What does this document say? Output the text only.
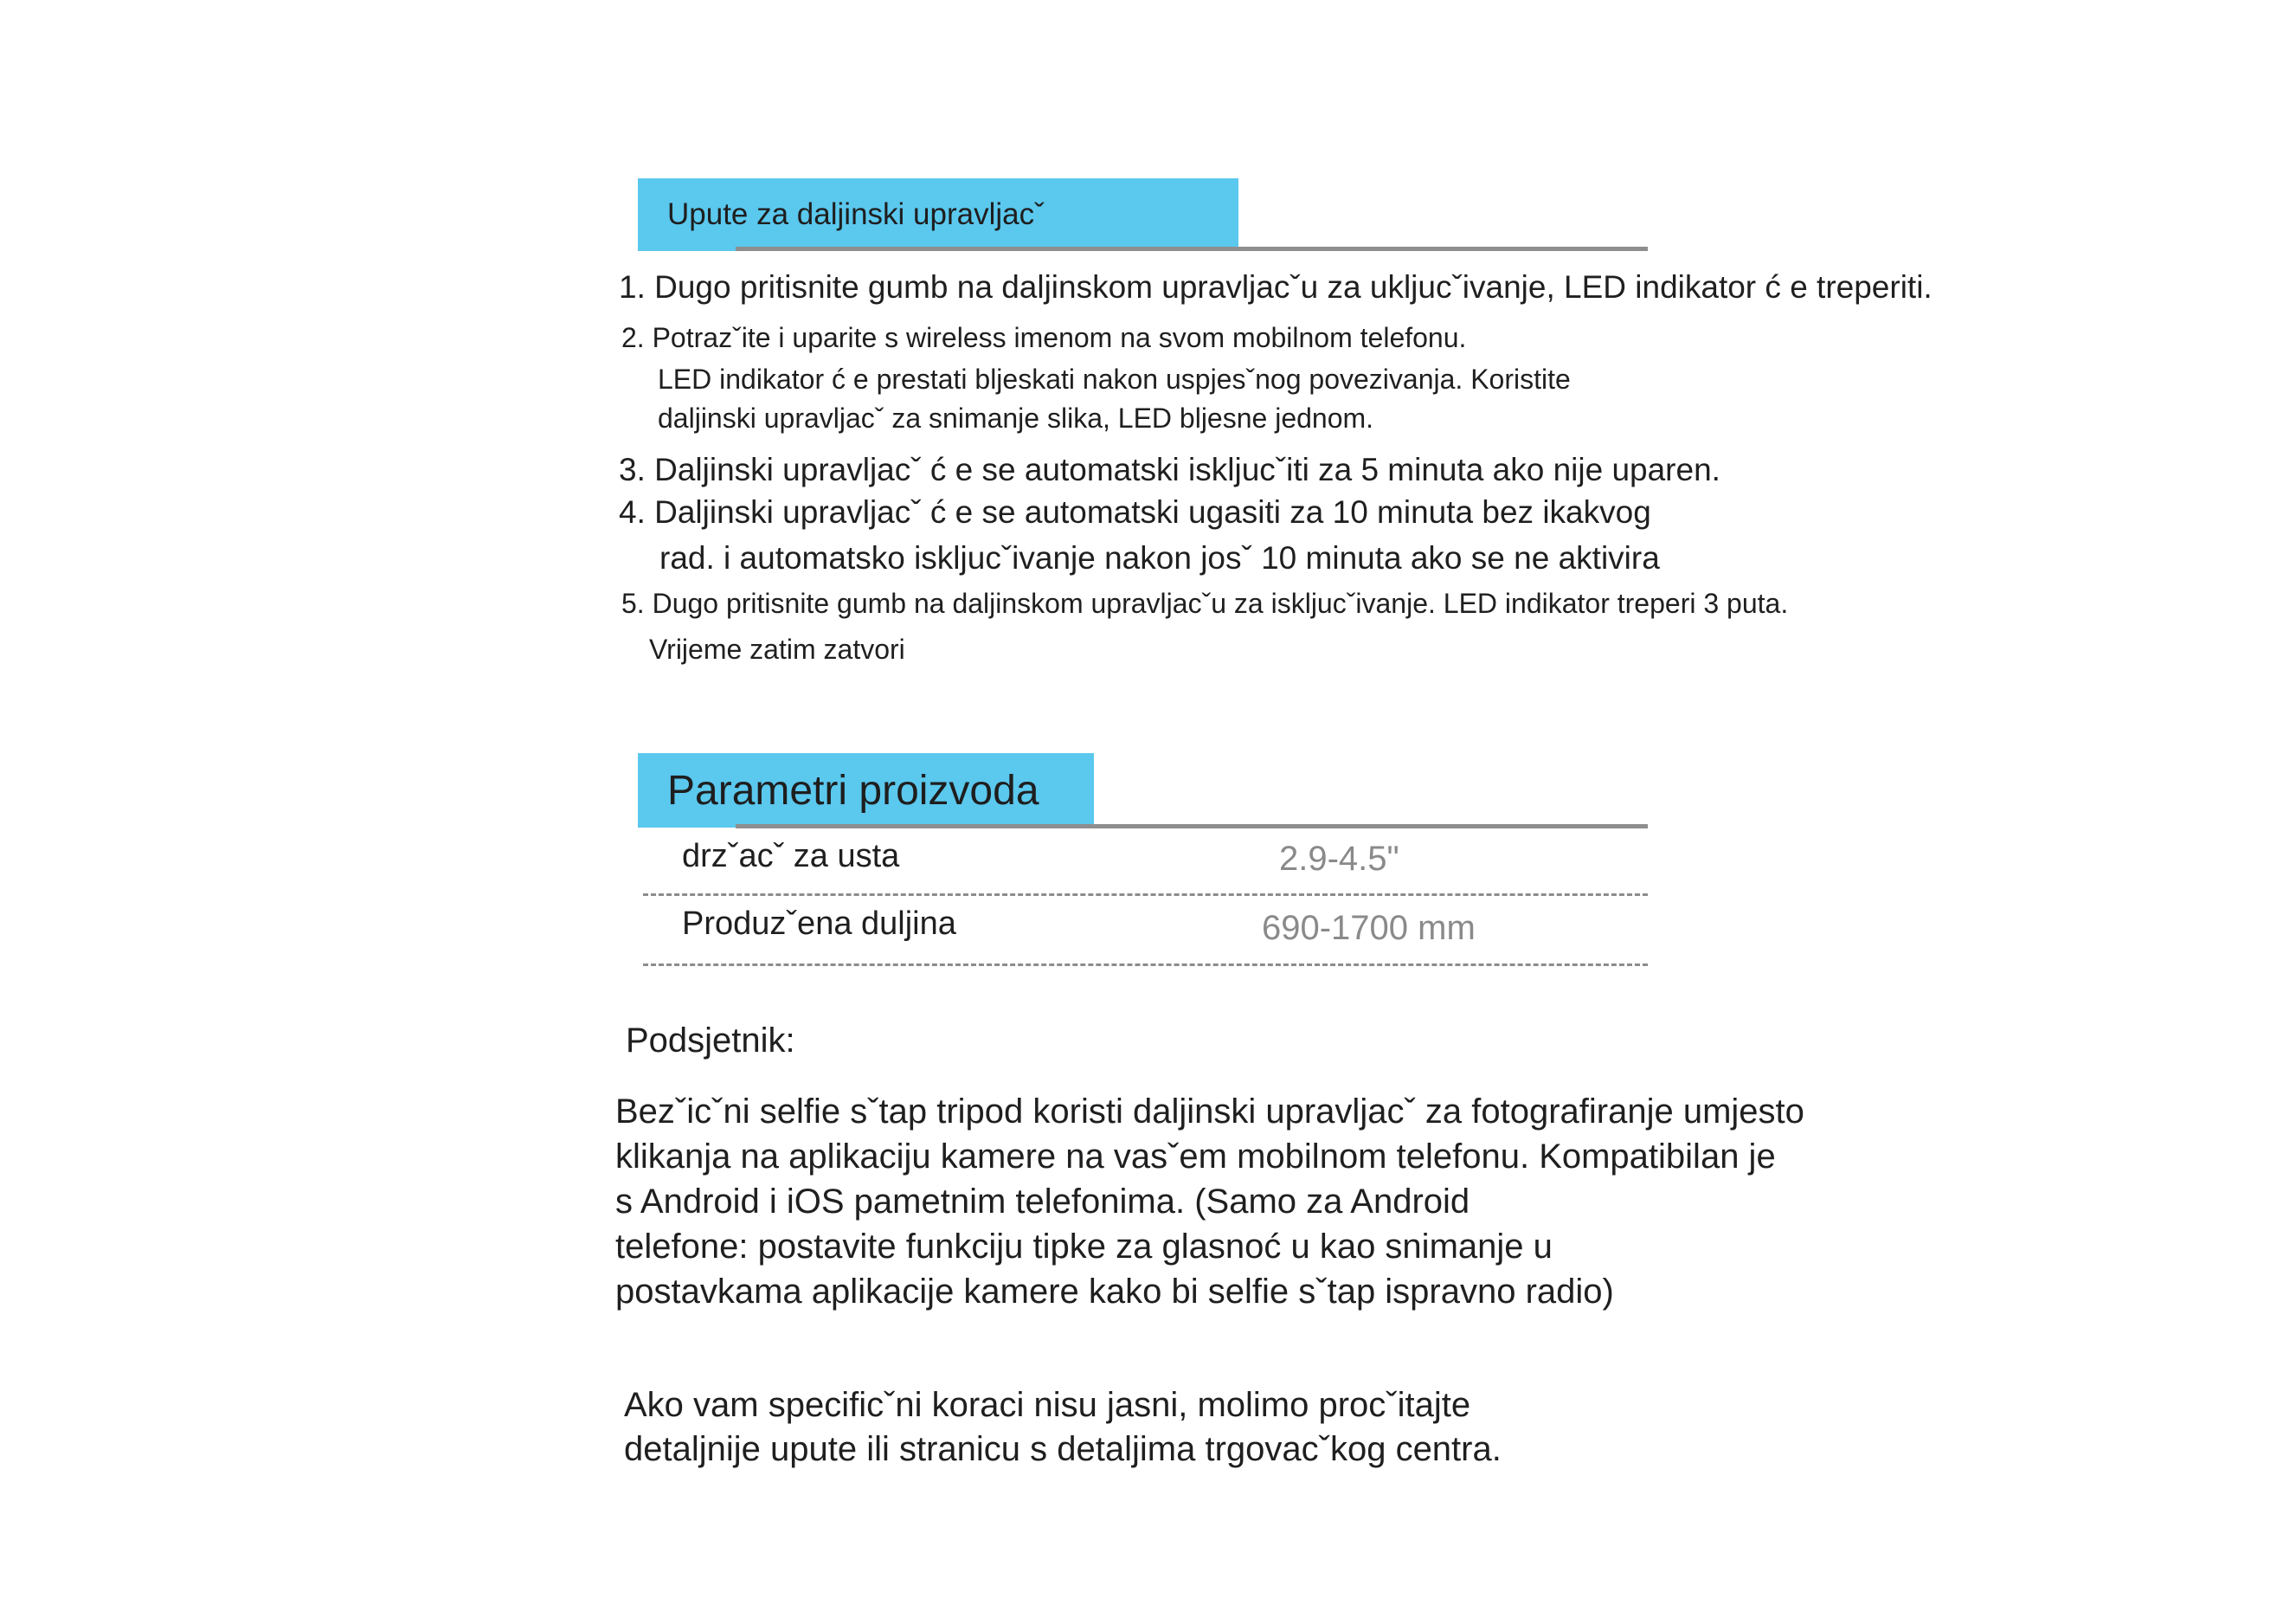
Upute za daljinski upravljacˇ
1. Dugo pritisnite gumb na daljinskom upravljacˇu za ukljucˇivanje, LED indikator ć e treperiti.
2. Potrazˇite i uparite s wireless imenom na svom mobilnom telefonu.
LED indikator ć e prestati bljeskati nakon uspjesˇnog povezivanja. Koristite
daljinski upravljacˇ za snimanje slika, LED bljesne jednom.
3. Daljinski upravljacˇ ć e se automatski iskljucˇiti za 5 minuta ako nije uparen.
4. Daljinski upravljacˇ ć e se automatski ugasiti za 10 minuta bez ikakvog
rad. i automatsko iskljucˇivanje nakon josˇ 10 minuta ako se ne aktivira
5. Dugo pritisnite gumb na daljinskom upravljacˇu za iskljucˇivanje. LED indikator treperi 3 puta.
Vrijeme zatim zatvori
Parametri proizvoda
drzˇacˇ za usta	2.9-4.5"
Produzˇena duljina	690-1700 mm
Podsjetnik:
Bezˇicˇni selfie sˇtap tripod koristi daljinski upravljacˇ za fotografiranje umjesto
klikanja na aplikaciju kamere na vasˇem mobilnom telefonu. Kompatibilan je
s Android i iOS pametnim telefonima. (Samo za Android
telefone: postavite funkciju tipke za glasnoć u kao snimanje u
postavkama aplikacije kamere kako bi selfie sˇtap ispravno radio)
Ako vam specificˇni koraci nisu jasni, molimo procˇitajte
detaljnije upute ili stranicu s detaljima trgovacˇkog centra.
